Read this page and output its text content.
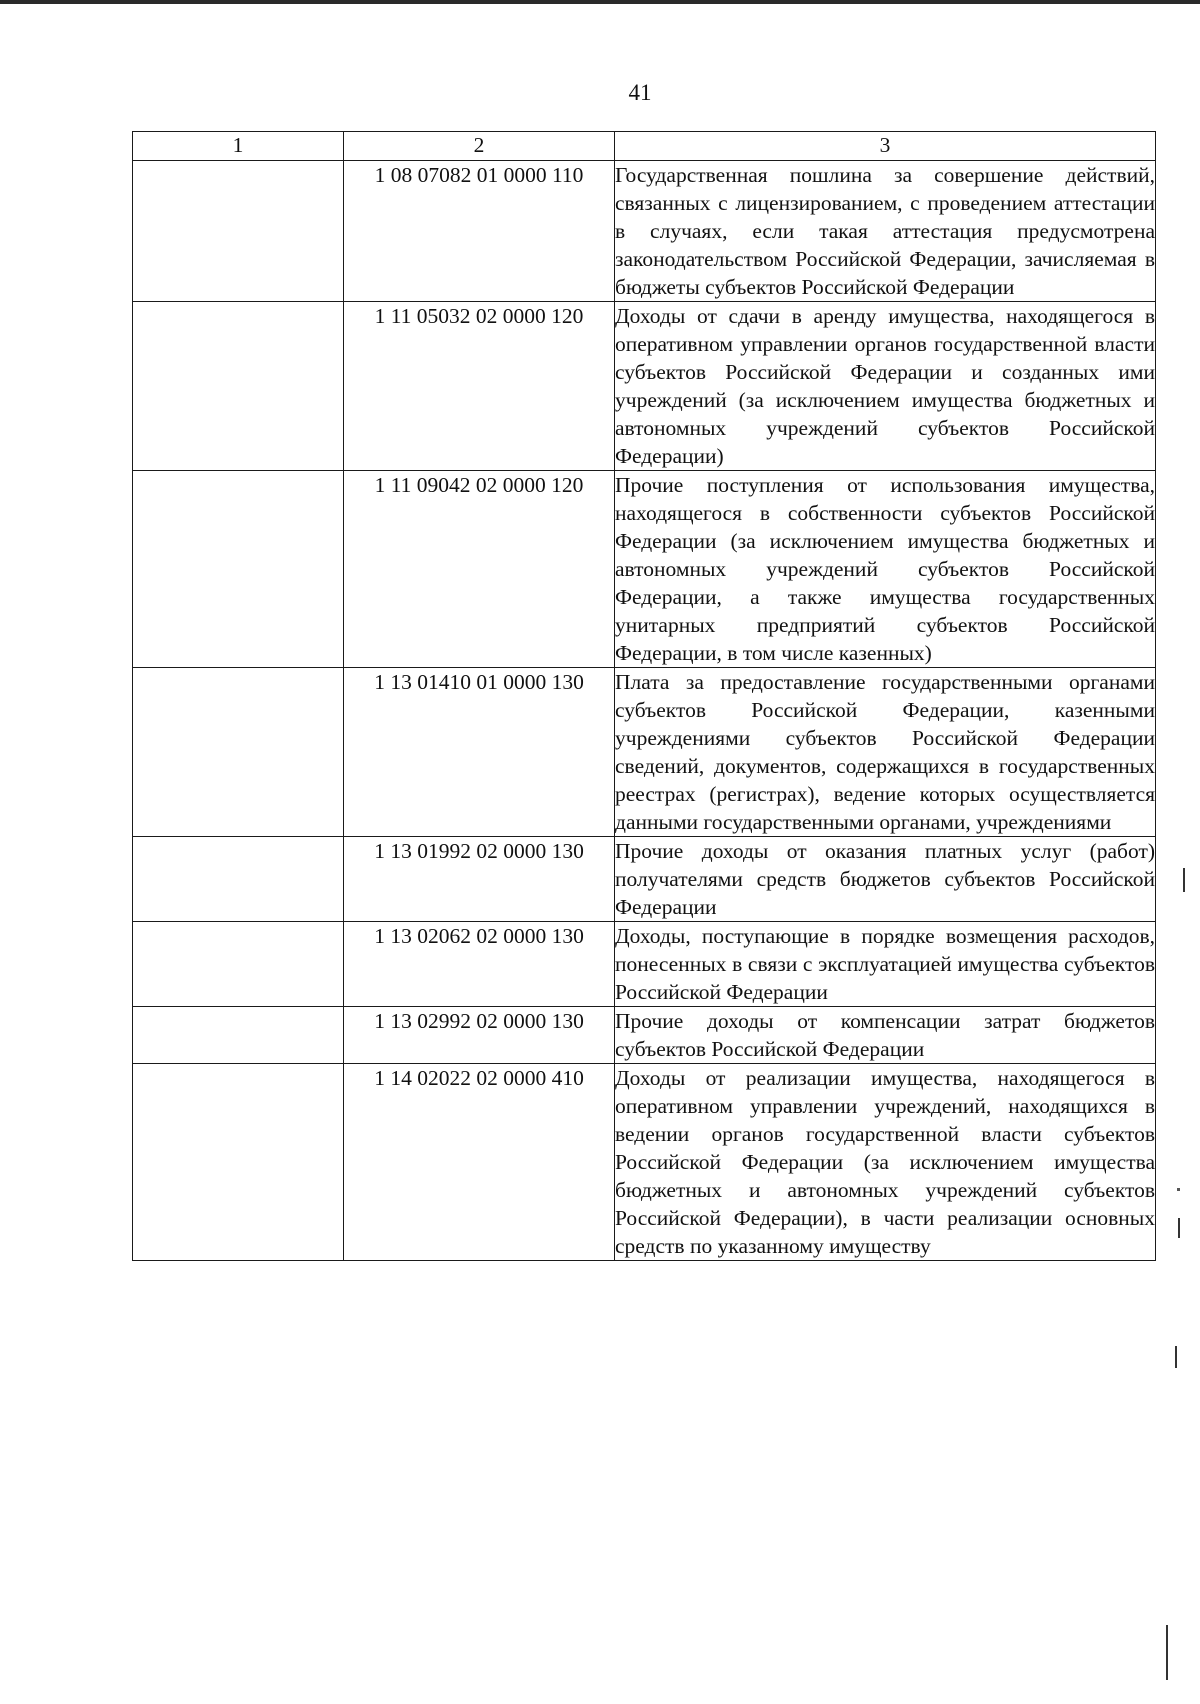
41
1	2	3
	1 08 07082 01 0000 110	Государственная пошлина за совершение действий, связанных с лицензированием, с проведением аттестации в случаях, если такая аттестация предусмотрена законодательством Российской Федерации, зачисляемая в бюджеты субъектов Российской Федерации
	1 11 05032 02 0000 120	Доходы от сдачи в аренду имущества, находящегося в оперативном управлении органов государственной власти субъектов Российской Федерации и созданных ими учреждений (за исключением имущества бюджетных и автономных учреждений субъектов Российской Федерации)
	1 11 09042 02 0000 120	Прочие поступления от использования имущества, находящегося в собственности субъектов Российской Федерации (за исключением имущества бюджетных и автономных учреждений субъектов Российской Федерации, а также имущества государственных унитарных предприятий субъектов Российской Федерации, в том числе казенных)
	1 13 01410 01 0000 130	Плата за предоставление государственными органами субъектов Российской Федерации, казенными учреждениями субъектов Российской Федерации сведений, документов, содержащихся в государственных реестрах (регистрах), ведение которых осуществляется данными государственными органами, учреждениями
	1 13 01992 02 0000 130	Прочие доходы от оказания платных услуг (работ) получателями средств бюджетов субъектов Российской Федерации
	1 13 02062 02 0000 130	Доходы, поступающие в порядке возмещения расходов, понесенных в связи с эксплуатацией имущества субъектов Российской Федерации
	1 13 02992 02 0000 130	Прочие доходы от компенсации затрат бюджетов субъектов Российской Федерации
	1 14 02022 02 0000 410	Доходы от реализации имущества, находящегося в оперативном управлении учреждений, находящихся в ведении органов государственной власти субъектов Российской Федерации (за исключением имущества бюджетных и автономных учреждений субъектов Российской Федерации), в части реализации основных средств по указанному имуществу
